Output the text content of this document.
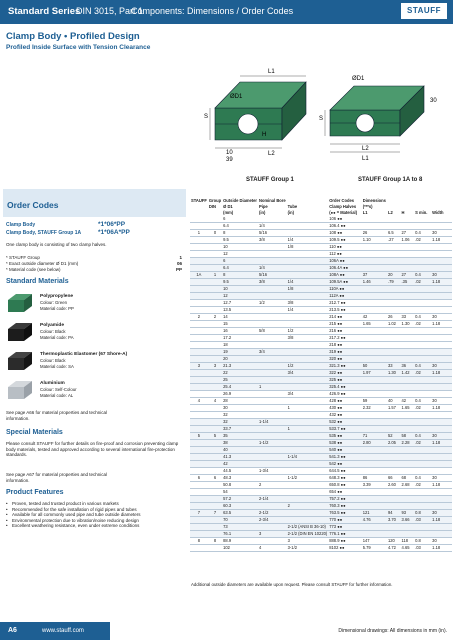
Standard Series
DIN 3015, Part 1
Components: Dimensions / Order Codes	STAUFF
Clamp Body • Profiled Design
Profiled Inside Surface with Tension Clearance
ØD1
S
H
L1
L2
10
39
ØD1
S
30
L1
L2
STAUFF Group 1	STAUFF Group 1A to 8
Order Codes
Clamp Body	*1*06*PP
Clamp Body, STAUFF Group 1A	*1*06A*PP
One clamp body is consisting of two clamp halves.
* STAUFF Group	1
* Exact outside diameter Ø D1 (mm)	06
* Material code (see below)	PP
Standard Materials
Polypropylene
Colour: Green
Material code: PP
Polyamide
Colour: Black
Material code: PA
Thermoplastic Elastomer (67 Shore-A)
Colour: Black
Material code: SA
Aluminium
Colour: Self-Colour
Material code: AL
See page A66 for material properties and technical information.
Special Materials
Please consult STAUFF for further details on fire-proof and corrosion preventing clamp body materials, tested and approved according to several international fire-protection standards.
See page A67 for material properties and technical information.
Product Features
• Proven, tested and trusted product in various markets
• Recommended for the safe installation of rigid pipes and tubes
• Available for all commonly used pipe and tube outside diameters
• Environmental protection due to vibration/noise reducing design
• Excellent weathering resistance, even under extreme conditions
STAUFF	Group	Outside Diameter	Nominal Bore		Order Codes	Dimensions				
	DIN	Ø D1	Pipe	Tube	Clamp Halves	(***s)				
		(mm)	(in)	(in)	(●● = Material)	L1	L2	H	S min.	Width
		6			106 ●●					
		6.4	1/4		106.4 ●●					
1	0	8	5/16		108 ●●	26	6.5	27	0.4	30
		9.5	3/8	1/4	109.5 ●●	1.10	.27	1.06	.02	1.18
		10		1/8	110 ●●					
		12			112 ●●					
		6			106A ●●					
		6.4	1/4		106.4A ●●					
1A	1	8	5/16		108A ●●	37	20	27	0.4	30
		9.5	3/8	1/4	109.5A ●●	1.46	.79	.35	.02	1.18
		10		1/8	110A ●●					
		12			112A ●●					
		12.7	1/2	3/8	212.7 ●●					
		13.5		1/4	213.5 ●●					
2	2	14			214 ●●	42	26	33	0.4	30
		15			215 ●●	1.65	1.02	1.30	.02	1.18
		16	5/8	1/2	216 ●●					
		17.2		3/8	217.2 ●●					
		18			218 ●●					
		19	3/4		319 ●●					
		20			320 ●●					
3	3	21.3		1/2	321.3 ●●	50	33	36	0.4	30
		22		3/4	322 ●●	1.97	1.30	1.42	.02	1.18
		25			325 ●●					
		25.4	1		325.4 ●●					
		26.9		3/4	426.9 ●●					
4	4	28			428 ●●	59	40	42	0.4	30
		30		1	430 ●●	2.32	1.57	1.65	.02	1.18
		32			432 ●●					
		32	1-1/4		532 ●●					
		33.7		1	533.7 ●●					
5	5	35			535 ●●	71	52	58	0.4	30
		38	1-1/2		538 ●●	2.80	2.05	2.28	.02	1.18
		40			540 ●●					
		41.3		1-1/4	541.3 ●●					
		42			542 ●●					
		44.5	1-3/4		644.5 ●●					
6	6	48.3		1-1/2	648.3 ●●	86	66	68	0.4	30
		50.8	2		650.8 ●●	3.39	2.60	2.68	.02	1.18
		54			654 ●●					
		57.2	2-1/4		757.2 ●●					
		60.3		2	760.3 ●●					
7	7	63.5	2-1/2		763.5 ●●	121	94	93	0.8	30
		70	2-3/4		770 ●●	4.76	3.70	3.66	.03	1.18
		73		2-1/2 (ANSI B 36-10)	773 ●●					
		76.1	3	2-1/2 (DIN EN 10220)	776.1 ●●					
8	8	88.9		3	888.9 ●●	147	120	118	0.8	30
		102	4	3-1/2	8102 ●●	5.79	4.72	4.65	.03	1.18
Additional outside diameters are available upon request. Please consult STAUFF for further information.
A6	www.stauff.com	Dimensional drawings: All dimensions in mm (in).
